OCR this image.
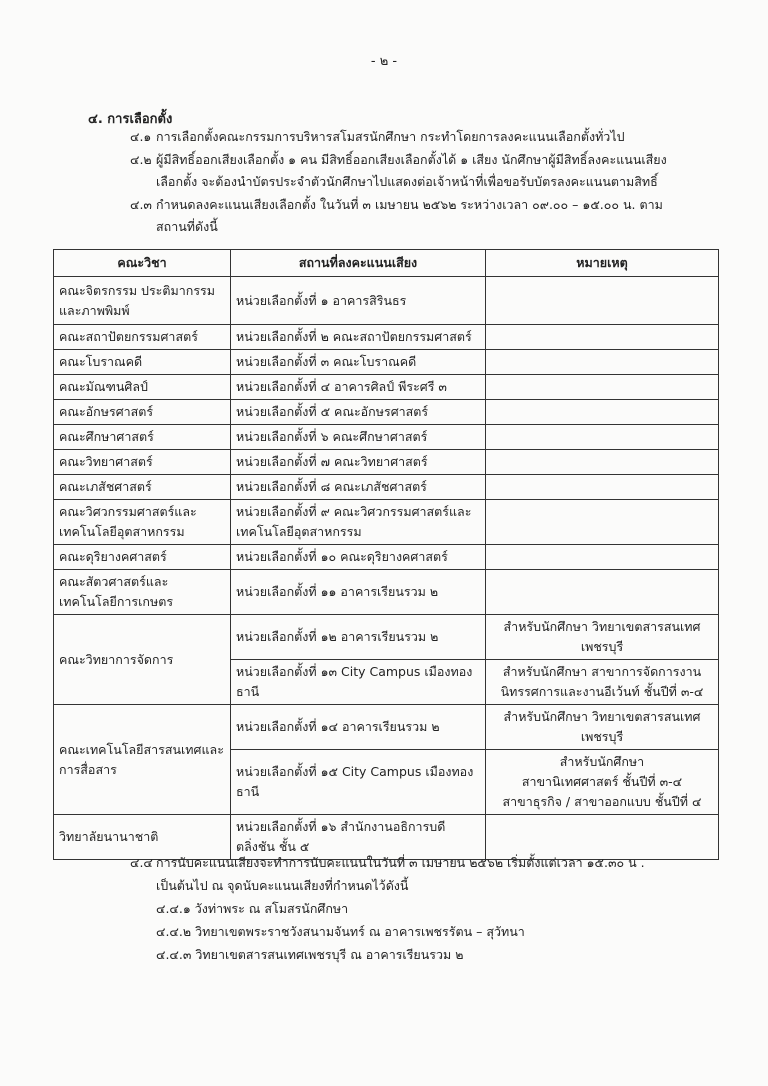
- ๒ -
๔. การเลือกตั้ง
๔.๑ การเลือกตั้งคณะกรรมการบริหารสโมสรนักศึกษา กระทำโดยการลงคะแนนเลือกตั้งทั่วไป
๔.๒ ผู้มีสิทธิ์ออกเสียงเลือกตั้ง ๑ คน มีสิทธิ์ออกเสียงเลือกตั้งได้ ๑ เสียง นักศึกษาผู้มีสิทธิ์ลงคะแนนเสียง
เลือกตั้ง จะต้องนำบัตรประจำตัวนักศึกษาไปแสดงต่อเจ้าหน้าที่เพื่อขอรับบัตรลงคะแนนตามสิทธิ์
๔.๓ กำหนดลงคะแนนเสียงเลือกตั้ง ในวันที่ ๓ เมษายน ๒๕๖๒ ระหว่างเวลา ๐๙.๐๐ – ๑๕.๐๐ น. ตาม
สถานที่ดังนี้
คณะวิชา	สถานที่ลงคะแนนเสียง	หมายเหตุ
คณะจิตรกรรม ประติมากรรม และภาพพิมพ์	หน่วยเลือกตั้งที่ ๑ อาคารสิรินธร	
คณะสถาปัตยกรรมศาสตร์	หน่วยเลือกตั้งที่ ๒ คณะสถาปัตยกรรมศาสตร์	
คณะโบราณคดี	หน่วยเลือกตั้งที่ ๓ คณะโบราณคดี	
คณะมัณฑนศิลป์	หน่วยเลือกตั้งที่ ๔ อาคารศิลป์ พีระศรี ๓	
คณะอักษรศาสตร์	หน่วยเลือกตั้งที่ ๕ คณะอักษรศาสตร์	
คณะศึกษาศาสตร์	หน่วยเลือกตั้งที่ ๖ คณะศึกษาศาสตร์	
คณะวิทยาศาสตร์	หน่วยเลือกตั้งที่ ๗ คณะวิทยาศาสตร์	
คณะเภสัชศาสตร์	หน่วยเลือกตั้งที่ ๘ คณะเภสัชศาสตร์	
คณะวิศวกรรมศาสตร์และเทคโนโลยีอุตสาหกรรม	หน่วยเลือกตั้งที่ ๙ คณะวิศวกรรมศาสตร์และเทคโนโลยีอุตสาหกรรม	
คณะดุริยางคศาสตร์	หน่วยเลือกตั้งที่ ๑๐ คณะดุริยางคศาสตร์	
คณะสัตวศาสตร์และเทคโนโลยีการเกษตร	หน่วยเลือกตั้งที่ ๑๑ อาคารเรียนรวม ๒	
คณะวิทยาการจัดการ	หน่วยเลือกตั้งที่ ๑๒ อาคารเรียนรวม ๒	สำหรับนักศึกษา วิทยาเขตสารสนเทศเพชรบุรี
	หน่วยเลือกตั้งที่ ๑๓ City Campus เมืองทองธานี	สำหรับนักศึกษา สาขาการจัดการงานนิทรรศการและงานอีเว้นท์ ชั้นปีที่ ๓-๔
คณะเทคโนโลยีสารสนเทศและการสื่อสาร	หน่วยเลือกตั้งที่ ๑๔ อาคารเรียนรวม ๒	สำหรับนักศึกษา วิทยาเขตสารสนเทศเพชรบุรี
	หน่วยเลือกตั้งที่ ๑๕ City Campus เมืองทองธานี	สำหรับนักศึกษา
สาขานิเทศศาสตร์ ชั้นปีที่ ๓-๔
สาขาธุรกิจ / สาขาออกแบบ ชั้นปีที่ ๔

วิทยาลัยนานาชาติ	หน่วยเลือกตั้งที่ ๑๖ สำนักงานอธิการบดี ตลิ่งชัน ชั้น ๕	
๔.๔ การนับคะแนนเสียงจะทำการนับคะแนนในวันที่ ๓ เมษายน ๒๕๖๒ เริ่มตั้งแต่เวลา ๑๕.๓๐ น .
เป็นต้นไป ณ จุดนับคะแนนเสียงที่กำหนดไว้ดังนี้
๔.๔.๑ วังท่าพระ ณ สโมสรนักศึกษา
๔.๔.๒ วิทยาเขตพระราชวังสนามจันทร์ ณ อาคารเพชรรัตน – สุวัทนา
๔.๔.๓ วิทยาเขตสารสนเทศเพชรบุรี ณ อาคารเรียนรวม ๒
